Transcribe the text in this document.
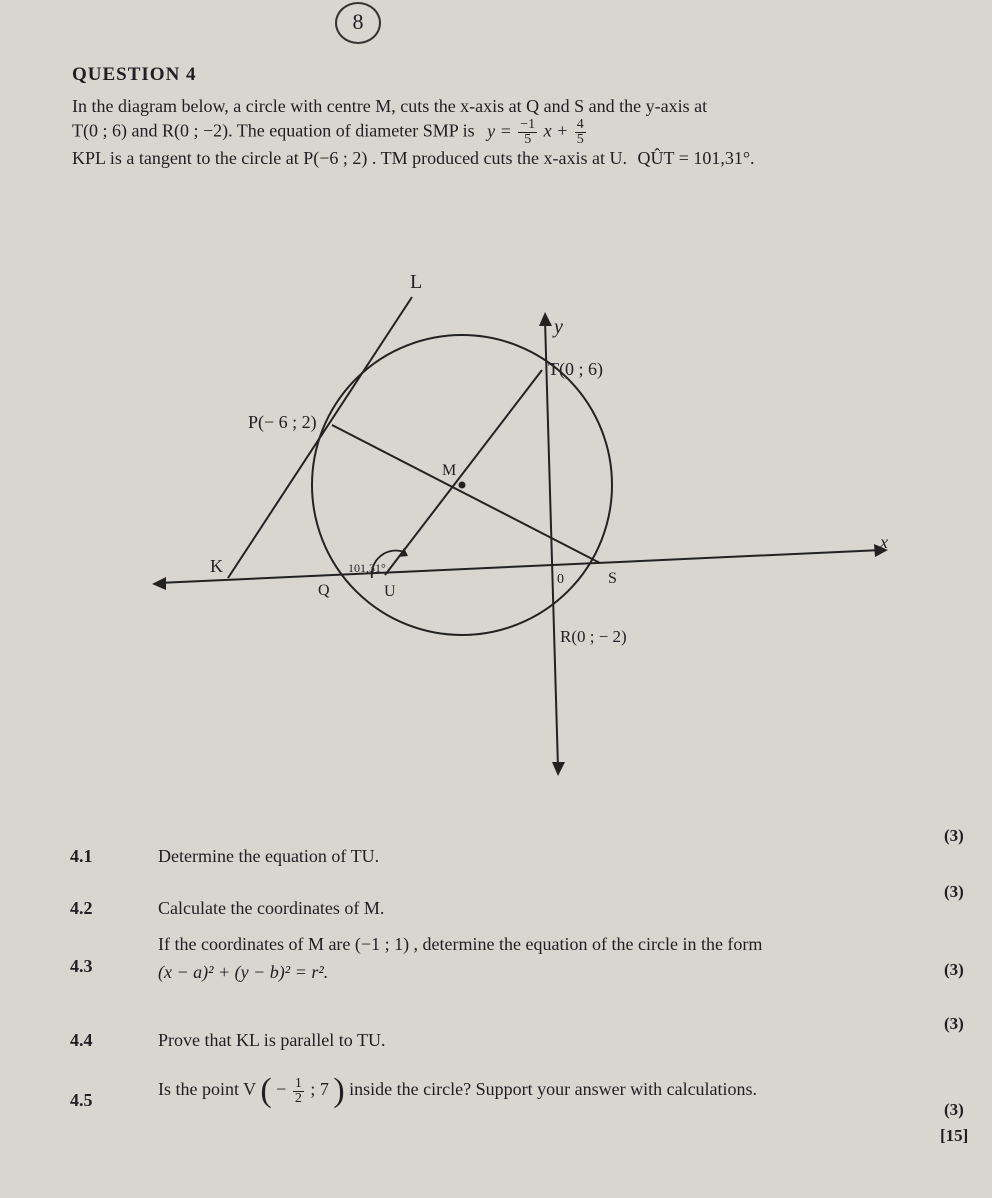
8
QUESTION 4
In the diagram below, a circle with centre M, cuts the x-axis at Q and S and the y-axis at
T(0 ; 6) and R(0 ; −2). The equation of diameter SMP is $y = \frac{-1}{5}$ $x + \frac{4}{5}$
KPL is a tangent to the circle at P(−6 ; 2) . TM produced cuts the x-axis at U. QÛT = 101,31°.
L
y
T(0 ; 6)
P(− 6 ; 2)
M
K	101,31°
x
Q	U
0	S
R(0 ; − 2)
4.1	Determine the equation of TU.
(3)
4.2	Calculate the coordinates of M.
(3)
4.3
If the coordinates of M are (−1 ; 1) , determine the equation of the circle in the form
(x − a)² + (y − b)² = r².	(3)
4.4	Prove that KL is parallel to TU.
(3)
4.5
Is the point V ( − $\frac{1}{2}$ ; 7 ) inside the circle? Support your answer with calculations.
(3)
[15]
